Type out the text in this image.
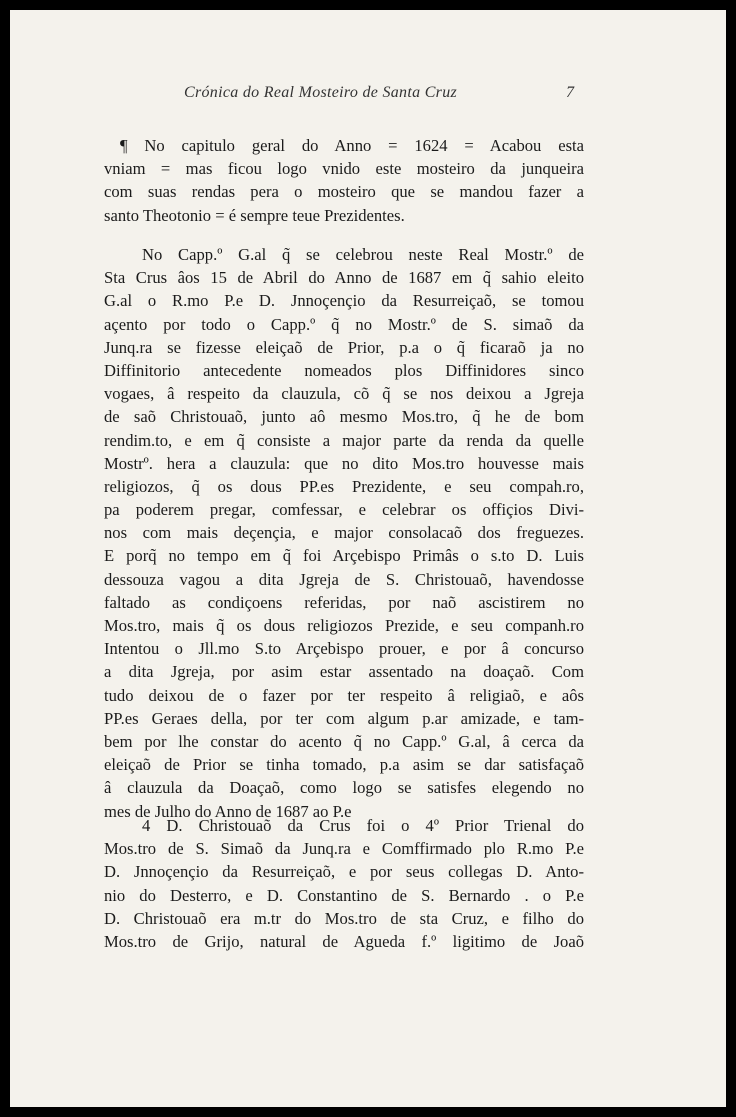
Crónica do Real Mosteiro de Santa Cruz	7
¶ No capitulo geral do Anno = 1624 = Acabou esta
vniam = mas ficou logo vnido este mosteiro da junqueira
com suas rendas pera o mosteiro que se mandou fazer a
santo Theotonio = é sempre teue Prezidentes.
No Capp.º G.al q̃ se celebrou neste Real Mostr.º de
Sta Crus âos 15 de Abril do Anno de 1687 em q̃ sahio eleito
G.al o R.mo P.e D. Jnnoçençio da Resurreiçaõ, se tomou
açento por todo o Capp.º q̃ no Mostr.º de S. simaõ da
Junq.ra se fizesse eleiçaõ de Prior, p.a o q̃ ficaraõ ja no
Diffinitorio antecedente nomeados plos Diffinidores sinco
vogaes, â respeito da clauzula, cõ q̃ se nos deixou a Jgreja
de saõ Christouaõ, junto aô mesmo Mos.tro, q̃ he de bom
rendim.to, e em q̃ consiste a major parte da renda da quelle
Mostrº. hera a clauzula: que no dito Mos.tro houvesse mais
religiozos, q̃ os dous PP.es Prezidente, e seu compah.ro,
pa poderem pregar, comfessar, e celebrar os offiçios Divi-
nos com mais deçençia, e major consolacaõ dos freguezes.
E porq̃ no tempo em q̃ foi Arçebispo Primâs o s.to D. Luis
dessouza vagou a dita Jgreja de S. Christouaõ, havendosse
faltado as condiçoens referidas, por naõ ascistirem no
Mos.tro, mais q̃ os dous religiozos Prezide, e seu companh.ro
Intentou o Jll.mo S.to Arçebispo prouer, e por â concurso
a dita Jgreja, por asim estar assentado na doaçaõ. Com
tudo deixou de o fazer por ter respeito â religiaõ, e aôs
PP.es Geraes della, por ter com algum p.ar amizade, e tam-
bem por lhe constar do acento q̃ no Capp.º G.al, â cerca da
eleiçaõ de Prior se tinha tomado, p.a asim se dar satisfaçaõ
â clauzula da Doaçaõ, como logo se satisfes elegendo no
mes de Julho do Anno de 1687 ao P.e
4 D. Christouaõ da Crus foi o 4º Prior Trienal do
Mos.tro de S. Simaõ da Junq.ra e Comffirmado plo R.mo P.e
D. Jnnoçençio da Resurreiçaõ, e por seus collegas D. Anto-
nio do Desterro, e D. Constantino de S. Bernardo . o P.e
D. Christouaõ era m.tr do Mos.tro de sta Cruz, e filho do
Mos.tro de Grijo, natural de Agueda f.º ligitimo de Joaõ
